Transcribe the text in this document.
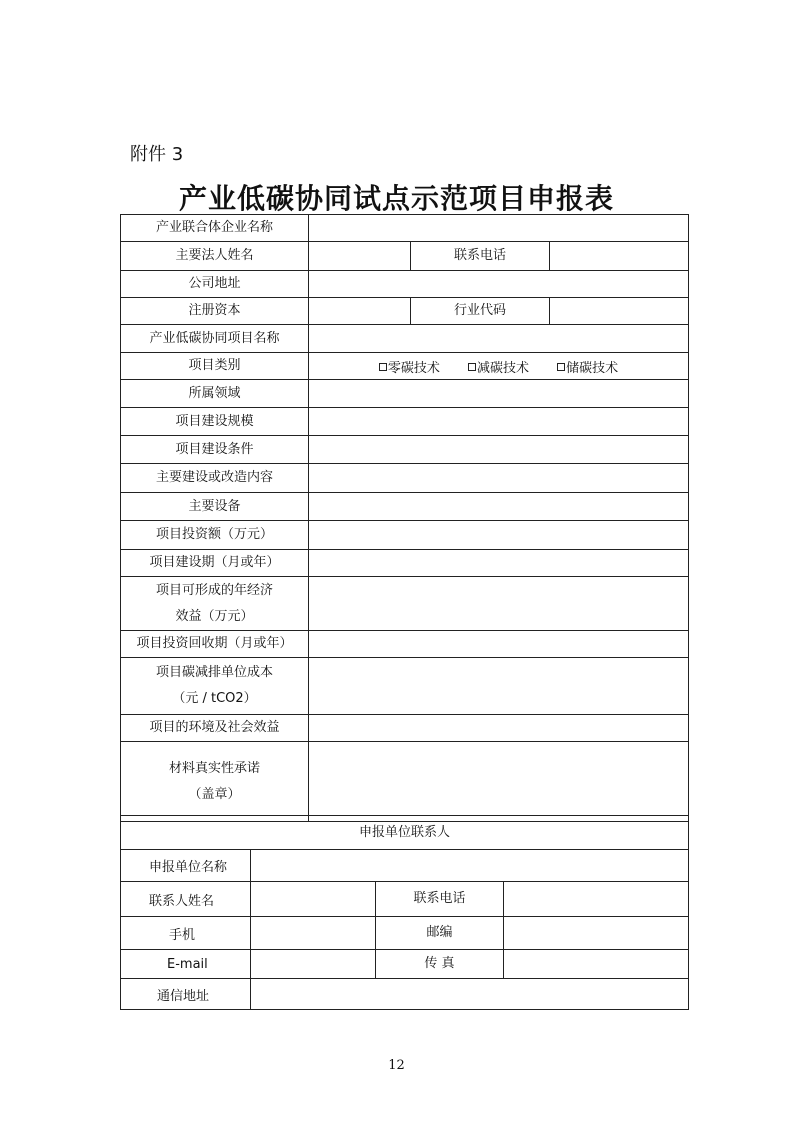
附件 3
产业低碳协同试点示范项目申报表
产业联合体企业名称			
主要法人姓名		联系电话	
公司地址			
注册资本		行业代码	
产业低碳协同项目名称			
项目类别	零碳技术 减碳技术 储碳技术		
所属领域			
项目建设规模			
项目建设条件			
主要建设或改造内容			
主要设备			
项目投资额（万元）			
项目建设期（月或年）			

项目可形成的年经济
效益（万元）			

项目投资回收期（月或年）			

项目碳减排单位成本
（元 / tCO2）			

项目的环境及社会效益			

材料真实性承诺
（盖章）			

申报单位联系人			
申报单位名称			
联系人姓名		联系电话	
手机		邮编	
E-mail		传 真	
通信地址			
12
